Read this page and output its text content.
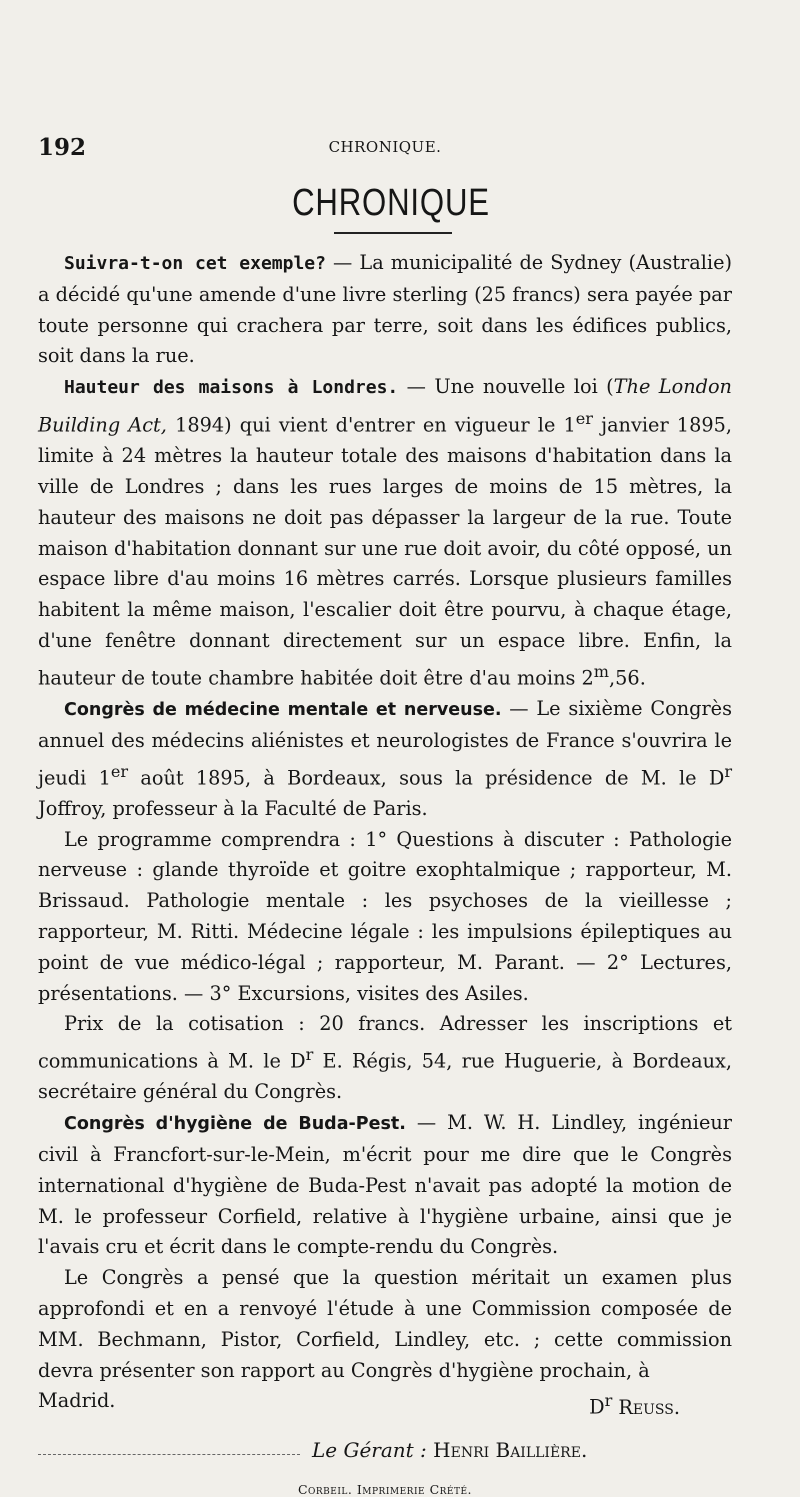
192	CHRONIQUE.
CHRONIQUE

Suivra-t-on cet exemple? — La municipalité de Sydney (Australie) a décidé qu'une amende d'une livre sterling (25 francs) sera payée par toute personne qui crachera par terre, soit dans les édifices publics, soit dans la rue.

Hauteur des maisons à Londres. — Une nouvelle loi (The London Building Act, 1894) qui vient d'entrer en vigueur le 1er janvier 1895, limite à 24 mètres la hauteur totale des maisons d'habitation dans la ville de Londres ; dans les rues larges de moins de 15 mètres, la hauteur des maisons ne doit pas dépasser la largeur de la rue. Toute maison d'habitation donnant sur une rue doit avoir, du côté opposé, un espace libre d'au moins 16 mètres carrés. Lorsque plusieurs familles habitent la même maison, l'escalier doit être pourvu, à chaque étage, d'une fenêtre donnant directement sur un espace libre. Enfin, la hauteur de toute chambre habitée doit être d'au moins 2$^m$,56.

Congrès de médecine mentale et nerveuse. — Le sixième Congrès annuel des médecins aliénistes et neurologistes de France s'ouvrira le jeudi 1er août 1895, à Bordeaux, sous la présidence de M. le $D^r$ Joffroy, professeur à la Faculté de Paris.

Le programme comprendra : 1° Questions à discuter : Pathologie nerveuse : glande thyroïde et goitre exophtalmique ; rapporteur, M. Brissaud. Pathologie mentale : les psychoses de la vieillesse ; rapporteur, M. Ritti. Médecine légale : les impulsions épileptiques au point de vue médico-légal ; rapporteur, M. Parant. — 2° Lectures, présentations. — 3° Excursions, visites des Asiles.

Prix de la cotisation : 20 francs. Adresser les inscriptions et communications à M. le $D^r$ E. Régis, 54, rue Huguerie, à Bordeaux, secrétaire général du Congrès.

Congrès d'hygiène de Buda-Pest. — M. W. H. Lindley, ingénieur civil à Francfort-sur-le-Mein, m'écrit pour me dire que le Congrès international d'hygiène de Buda-Pest n'avait pas adopté la motion de M. le professeur Corfield, relative à l'hygiène urbaine, ainsi que je l'avais cru et écrit dans le compte-rendu du Congrès.

Le Congrès a pensé que la question méritait un examen plus approfondi et en a renvoyé l'étude à une Commission composée de MM. Bechmann, Pistor, Corfield, Lindley, etc. ; cette commission devra présenter son rapport au Congrès d'hygiène prochain, à

Madrid.	$D^r$ Reuss.
Le Gérant : Henri Baillière.
Corbeil. Imprimerie Crété.
